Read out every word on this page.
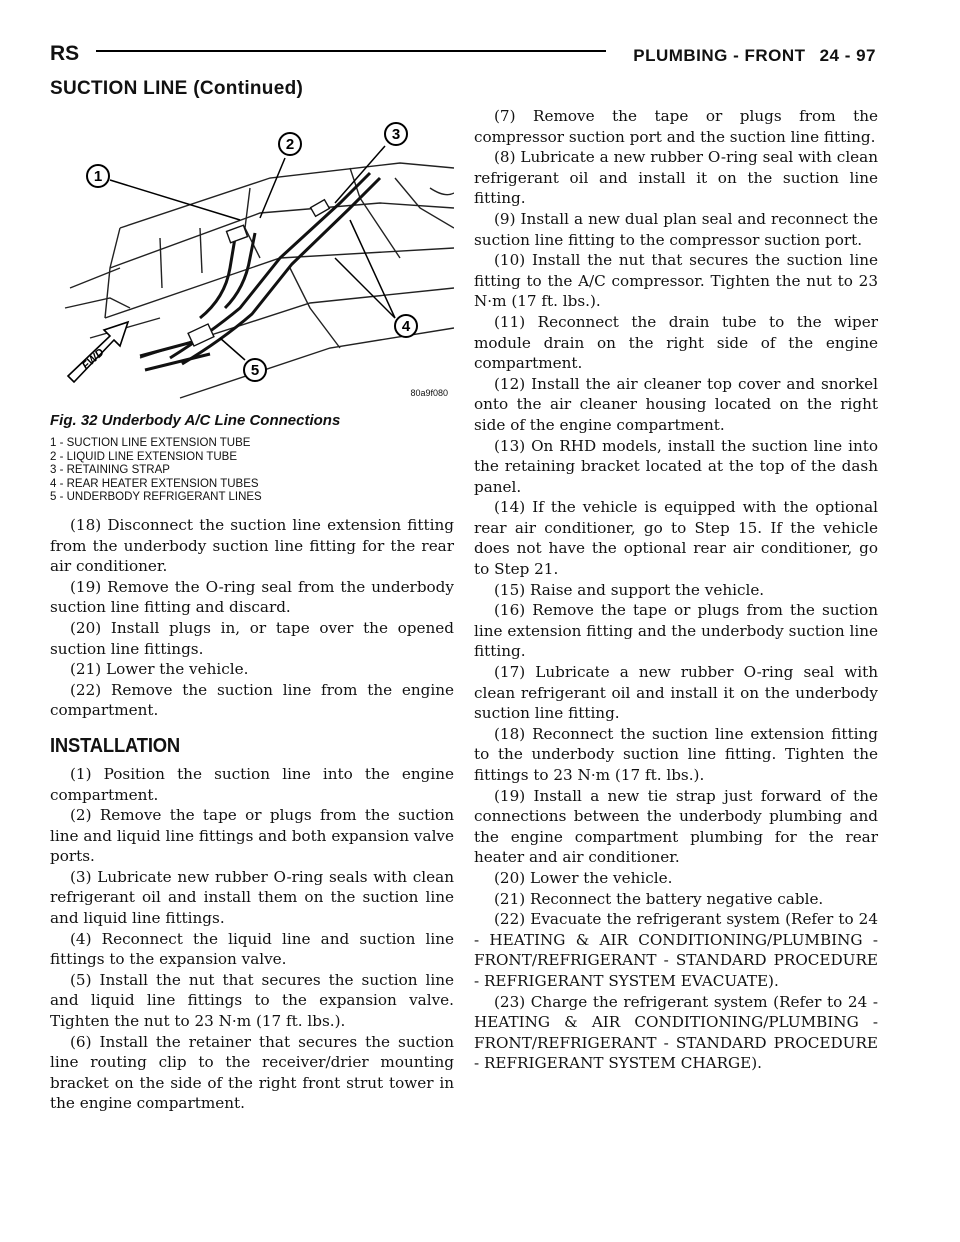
RS	PLUMBING - FRONT 24 - 97
SUCTION LINE (Continued)
1
2
3
4
5
FWD
80a9f080
Fig. 32 Underbody A/C Line Connections
1 - SUCTION LINE EXTENSION TUBE
2 - LIQUID LINE EXTENSION TUBE
3 - RETAINING STRAP
4 - REAR HEATER EXTENSION TUBES
5 - UNDERBODY REFRIGERANT LINES

(18) Disconnect the suction line extension fitting from the underbody suction line fitting for the rear air conditioner.

(19) Remove the O-ring seal from the underbody suction line fitting and discard.

(20) Install plugs in, or tape over the opened suction line fittings.

(21) Lower the vehicle.

(22) Remove the suction line from the engine compartment.

INSTALLATION

(1) Position the suction line into the engine compartment.

(2) Remove the tape or plugs from the suction line and liquid line fittings and both expansion valve ports.

(3) Lubricate new rubber O-ring seals with clean refrigerant oil and install them on the suction line and liquid line fittings.

(4) Reconnect the liquid line and suction line fittings to the expansion valve.

(5) Install the nut that secures the suction line and liquid line fittings to the expansion valve. Tighten the nut to 23 N·m (17 ft. lbs.).

(6) Install the retainer that secures the suction line routing clip to the receiver/drier mounting bracket on the side of the right front strut tower in the engine compartment.

(7) Remove the tape or plugs from the compressor suction port and the suction line fitting.

(8) Lubricate a new rubber O-ring seal with clean refrigerant oil and install it on the suction line fitting.

(9) Install a new dual plan seal and reconnect the suction line fitting to the compressor suction port.

(10) Install the nut that secures the suction line fitting to the A/C compressor. Tighten the nut to 23 N·m (17 ft. lbs.).

(11) Reconnect the drain tube to the wiper module drain on the right side of the engine compartment.

(12) Install the air cleaner top cover and snorkel onto the air cleaner housing located on the right side of the engine compartment.

(13) On RHD models, install the suction line into the retaining bracket located at the top of the dash panel.

(14) If the vehicle is equipped with the optional rear air conditioner, go to Step 15. If the vehicle does not have the optional rear air conditioner, go to Step 21.

(15) Raise and support the vehicle.

(16) Remove the tape or plugs from the suction line extension fitting and the underbody suction line fitting.

(17) Lubricate a new rubber O-ring seal with clean refrigerant oil and install it on the underbody suction line fitting.

(18) Reconnect the suction line extension fitting to the underbody suction line fitting. Tighten the fittings to 23 N·m (17 ft. lbs.).

(19) Install a new tie strap just forward of the connections between the underbody plumbing and the engine compartment plumbing for the rear heater and air conditioner.

(20) Lower the vehicle.

(21) Reconnect the battery negative cable.

(22) Evacuate the refrigerant system (Refer to 24 - HEATING & AIR CONDITIONING/PLUMBING - FRONT/REFRIGERANT - STANDARD PROCEDURE - REFRIGERANT SYSTEM EVACUATE).

(23) Charge the refrigerant system (Refer to 24 - HEATING & AIR CONDITIONING/PLUMBING - FRONT/REFRIGERANT - STANDARD PROCEDURE - REFRIGERANT SYSTEM CHARGE).
